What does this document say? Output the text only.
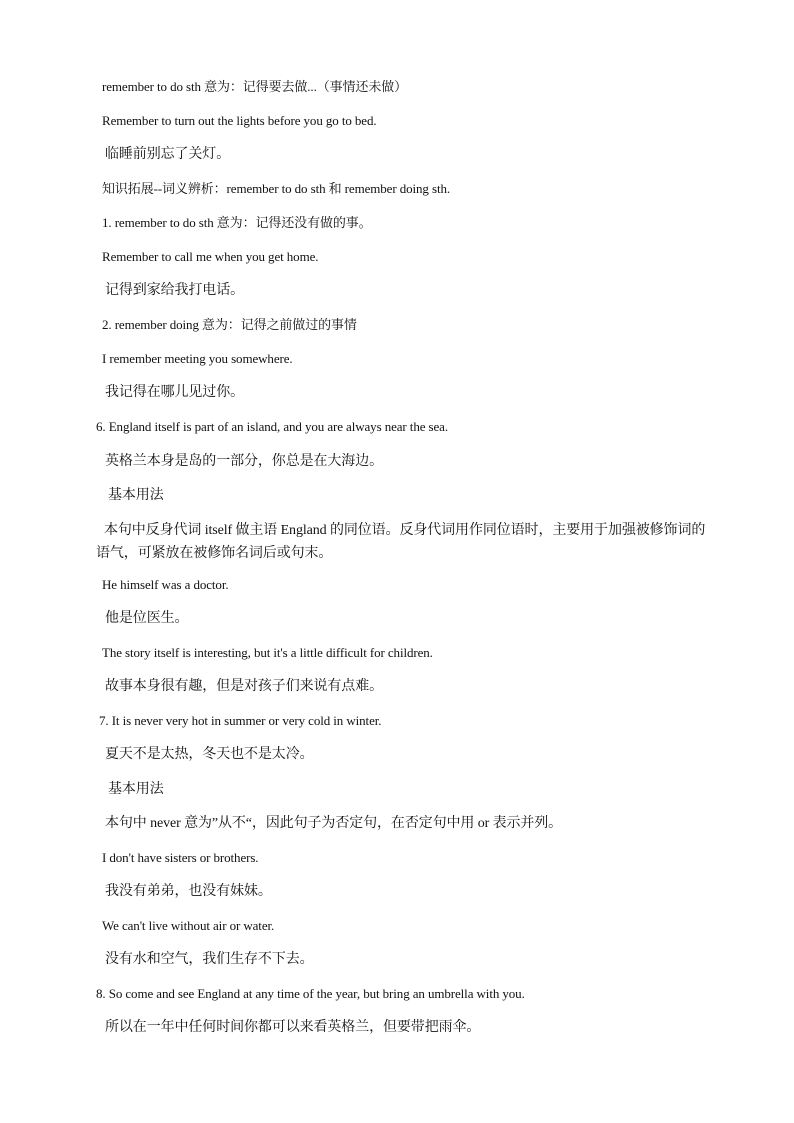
remember to do sth 意为：记得要去做...（事情还未做）
Remember to turn out the lights before you go to bed.
临睡前别忘了关灯。
知识拓展--词义辨析：remember to do sth 和 remember doing sth.
1. remember to do sth 意为：记得还没有做的事。
Remember to call me when you get home.
记得到家给我打电话。
2. remember doing 意为：记得之前做过的事情
I remember meeting you somewhere.
我记得在哪儿见过你。
6. England itself is part of an island, and you are always near the sea.
英格兰本身是岛的一部分，你总是在大海边。
基本用法
本句中反身代词 itself 做主语 England 的同位语。反身代词用作同位语时，主要用于加强被修饰词的 语气，可紧放在被修饰名词后或句末。
He himself was a doctor.
他是位医生。
The story itself is interesting, but it's a little difficult for children.
故事本身很有趣，但是对孩子们来说有点难。
7. It is never very hot in summer or very cold in winter.
夏天不是太热，冬天也不是太冷。
基本用法
本句中 never 意为”从不“，因此句子为否定句，在否定句中用 or 表示并列。
I don't have sisters or brothers.
我没有弟弟，也没有妹妹。
We can't live without air or water.
没有水和空气，我们生存不下去。
8. So come and see England at any time of the year, but bring an umbrella with you.
所以在一年中任何时间你都可以来看英格兰，但要带把雨伞。
